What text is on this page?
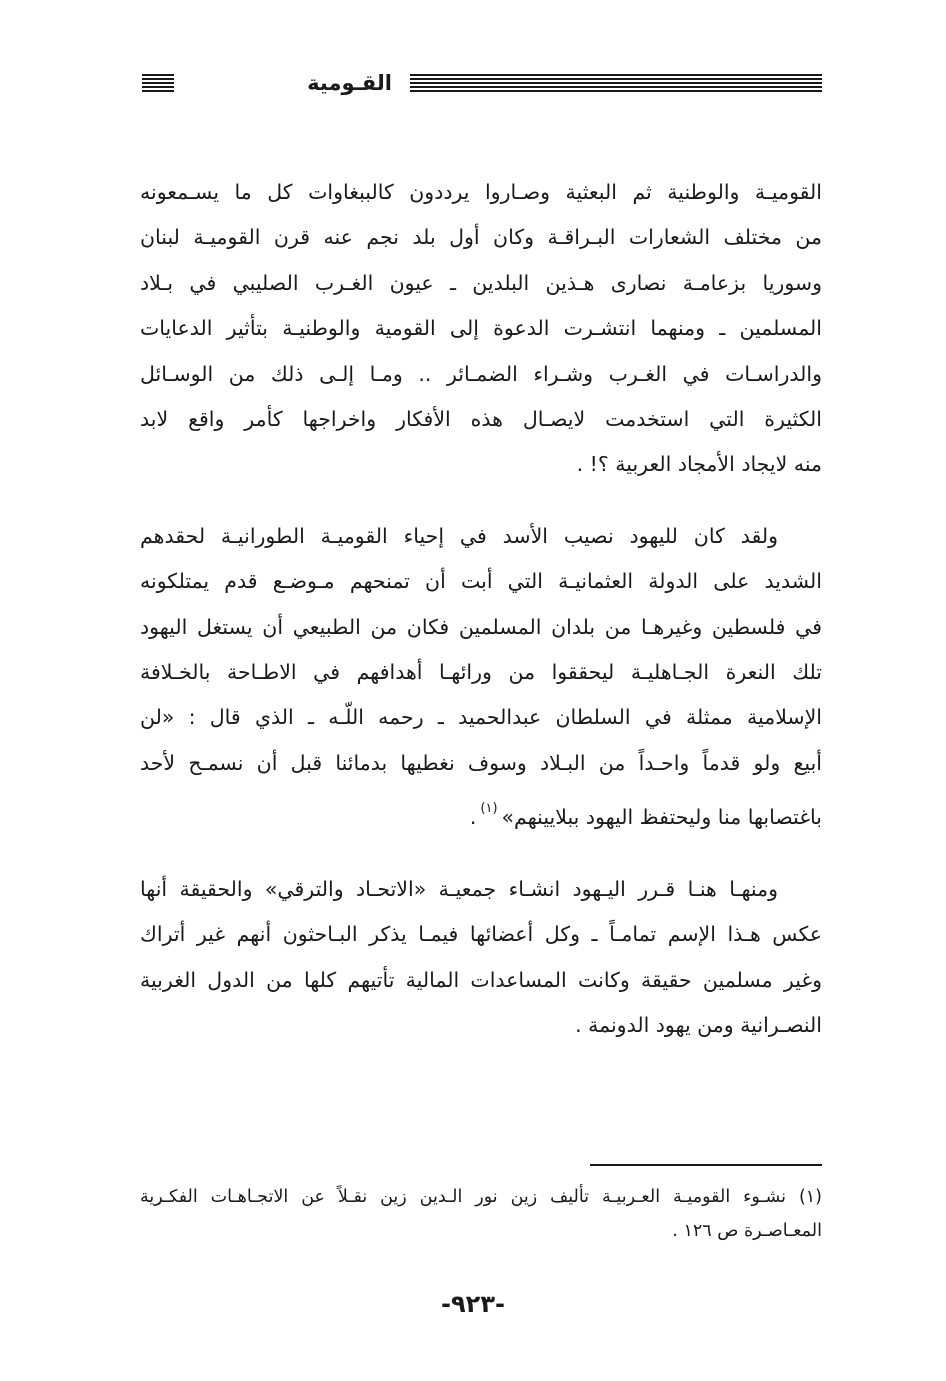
القـومية
القوميـة والوطنية ثم البعثية وصـاروا يرددون كالببغاوات كل ما يسـمعونه
من مختلف الشعارات البـراقـة وكان أول بلد نجم عنه قرن القوميـة لبنان
وسوريا بزعامـة نصارى هـذين البلدين ـ عيون الغـرب الصليبي في بـلاد
المسلمين ـ ومنهما انتشـرت الدعوة إلى القومية والوطنيـة بتأثير الدعايات
والدراسـات في الغـرب وشـراء الضمـائر .. ومـا إلـى ذلك من الوسـائل
الكثيرة التي استخدمت لايصـال هذه الأفكار واخراجها كأمر واقع لابد
منه لايجاد الأمجاد العربية ؟! .
ولقد كان لليهود نصيب الأسد في إحياء القوميـة الطورانيـة لحقدهم
الشديد على الدولة العثمانيـة التي أبت أن تمنحهم مـوضـع قدم يمتلكونه
في فلسطين وغيرهـا من بلدان المسلمين فكان من الطبيعي أن يستغل اليهود
تلك النعرة الجـاهليـة ليحققوا من ورائهـا أهدافهم في الاطـاحة بالخـلافة
الإسلامية ممثلة في السلطان عبدالحميد ـ رحمه اللّـه ـ الذي قال : «لن
أبيع ولو قدماً واحـداً من البـلاد وسوف نغطيها بدمائنا قبل أن نسمـح لأحد
باغتصابها منا وليحتفظ اليهود ببلايينهم»$^{(١)}$.
ومنهـا هنـا قـرر اليـهود انشـاء جمعيـة «الاتحـاد والترقي» والحقيقة أنها
عكس هـذا الإسم تمامـاً ـ وكل أعضائها فيمـا يذكر البـاحثون أنهم غير أتراك
وغير مسلمين حقيقة وكانت المساعدات المالية تأتيهم كلها من الدول الغربية
النصـرانية ومن يهود الدونمة .
(١) نشـوء القوميـة العـربيـة تأليف زين نور الـدين زين نقـلاً عن الاتجـاهـات الفكـرية
المعـاصـرة ص ١٢٦ .
-٩٢٣-
